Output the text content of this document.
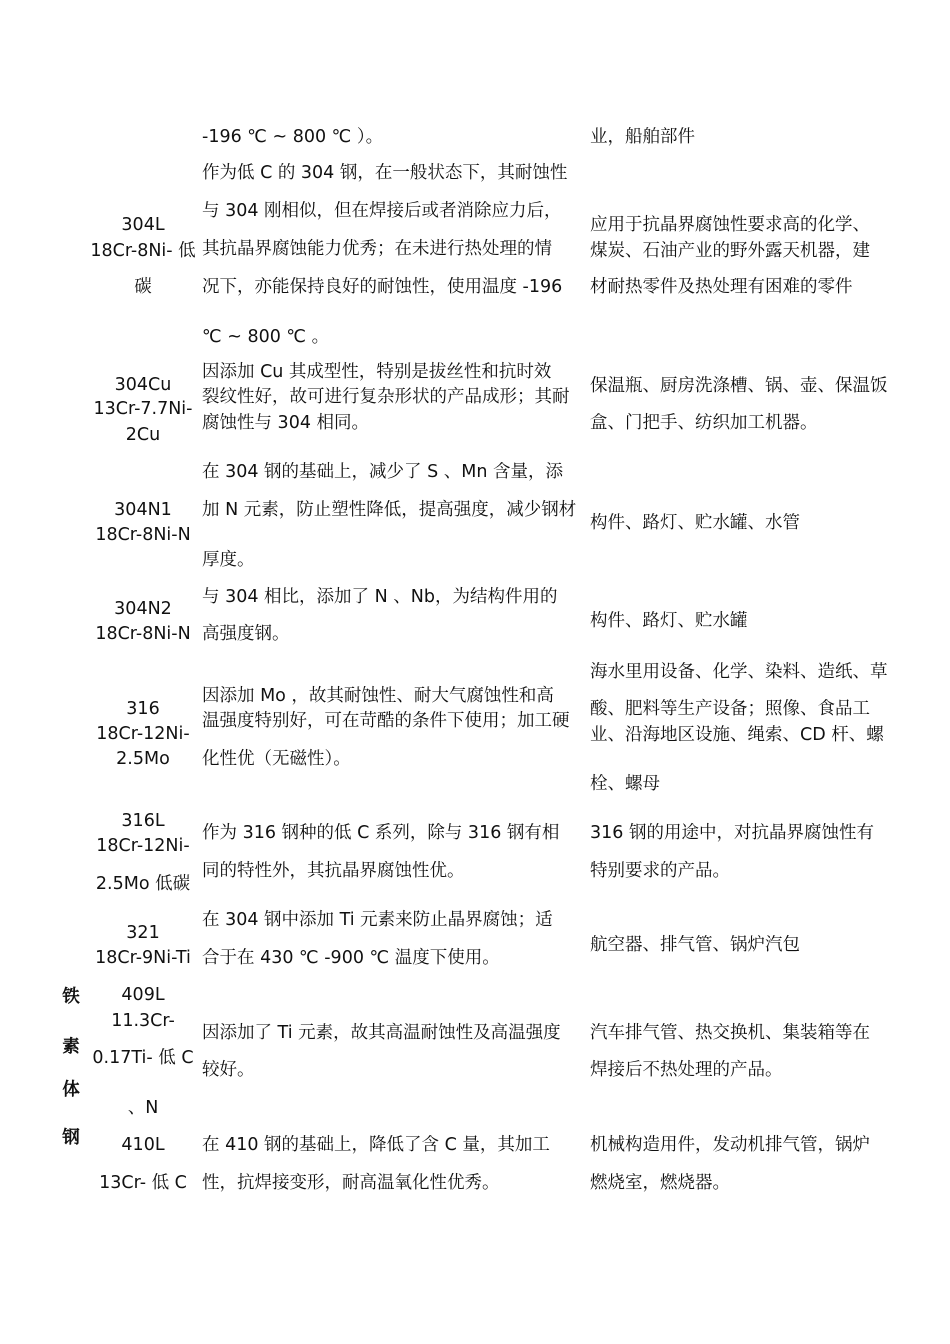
-196 ℃ ~ 800 ℃ ）。	业，船舶部件
304L
18Cr-8Ni- 低
碳
作为低 C 的 304 钢，在一般状态下，其耐蚀性
与 304 刚相似，但在焊接后或者消除应力后，
其抗晶界腐蚀能力优秀；在未进行热处理的情
况下，亦能保持良好的耐蚀性，使用温度 -196
℃ ~ 800 ℃ 。
应用于抗晶界腐蚀性要求高的化学、
煤炭、石油产业的野外露天机器，建
材耐热零件及热处理有困难的零件
304Cu
13Cr-7.7Ni-
2Cu
因添加 Cu 其成型性，特别是拔丝性和抗时效
裂纹性好，故可进行复杂形状的产品成形；其耐
腐蚀性与 304 相同。
保温瓶、厨房洗涤槽、锅、壶、保温饭
盒、门把手、纺织加工机器。
304N1
18Cr-8Ni-N
在 304 钢的基础上，减少了 S 、Mn 含量，添
加 N 元素，防止塑性降低，提高强度，减少钢材
厚度。
构件、路灯、贮水罐、水管
304N2
18Cr-8Ni-N
与 304 相比，添加了 N 、Nb，为结构件用的
高强度钢。
构件、路灯、贮水罐
316
18Cr-12Ni-
2.5Mo
因添加 Mo ，故其耐蚀性、耐大气腐蚀性和高
温强度特别好，可在苛酷的条件下使用；加工硬
化性优（无磁性）。
海水里用设备、化学、染料、造纸、草
酸、肥料等生产设备；照像、食品工
业、沿海地区设施、绳索、CD 杆、螺
栓、螺母
316L
18Cr-12Ni-
2.5Mo 低碳
作为 316 钢种的低 C 系列，除与 316 钢有相
同的特性外，其抗晶界腐蚀性优。
316 钢的用途中，对抗晶界腐蚀性有
特别要求的产品。
321
18Cr-9Ni-Ti
在 304 钢中添加 Ti 元素来防止晶界腐蚀；适
合于在 430 ℃ -900 ℃ 温度下使用。
航空器、排气管、锅炉汽包
409L
11.3Cr-
0.17Ti- 低 C
、N
因添加了 Ti 元素，故其高温耐蚀性及高温强度
较好。
汽车排气管、热交换机、集装箱等在
焊接后不热处理的产品。
410L
13Cr- 低 C
在 410 钢的基础上，降低了含 C 量，其加工
性，抗焊接变形，耐高温氧化性优秀。
机械构造用件，发动机排气管，锅炉
燃烧室，燃烧器。
铁
素
体
钢
